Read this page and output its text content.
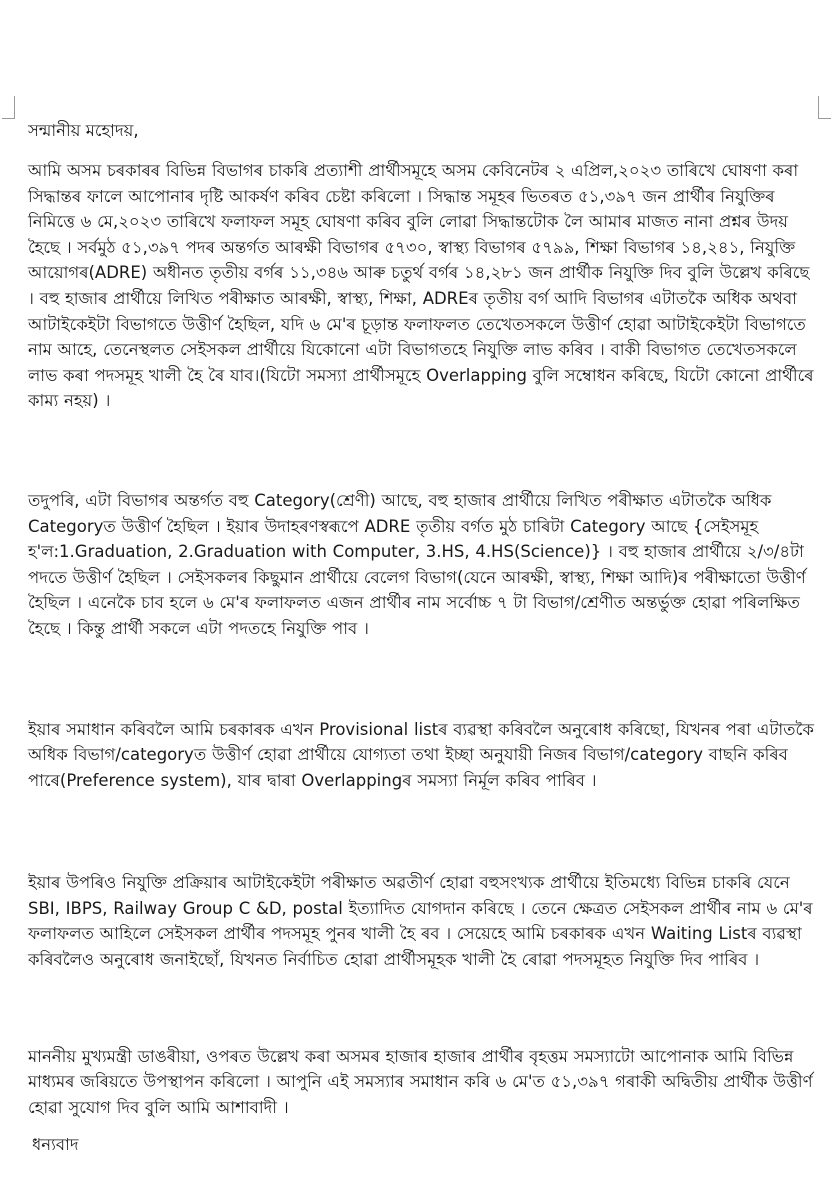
সন্মানীয় মহোদয়,

আমি অসম চৰকাৰৰ বিভিন্ন বিভাগৰ চাকৰি প্ৰত্যাশী প্ৰাৰ্থীসমূহে অসম কেবিনেটৰ ২ এপ্ৰিল,২০২৩ তাৰিখে ঘোষণা কৰা সিদ্ধান্তৰ ফালে আপোনাৰ দৃষ্টি আকৰ্ষণ কৰিব চেষ্টা কৰিলো । সিদ্ধান্ত সমূহৰ ভিতৰত ৫১,৩৯৭ জন প্ৰাৰ্থীৰ নিযুক্তিৰ নিমিত্তে ৬ মে,২০২৩ তাৰিখে ফলাফল সমূহ ঘোষণা কৰিব বুলি লোৱা সিদ্ধান্তটোক লৈ আমাৰ মাজত নানা প্ৰশ্নৰ উদয় হৈছে । সৰ্বমুঠ ৫১,৩৯৭ পদৰ অন্তৰ্গত আৰক্ষী বিভাগৰ ৫৭৩০, স্বাস্থ্য বিভাগৰ ৫৭৯৯, শিক্ষা বিভাগৰ ১৪,২৪১, নিযুক্তি আয়োগৰ(ADRE) অধীনত তৃতীয় বৰ্গৰ ১১,৩৪৬ আৰু চতুৰ্থ বৰ্গৰ ১৪,২৮১ জন প্ৰাৰ্থীক নিযুক্তি দিব বুলি উল্লেখ কৰিছে । বহু হাজাৰ প্ৰাৰ্থীয়ে লিখিত পৰীক্ষাত আৰক্ষী, স্বাস্থ্য, শিক্ষা, ADREৰ তৃতীয় বৰ্গ আদি বিভাগৰ এটাতকৈ অধিক অথবা আটাইকেইটা বিভাগতে উত্তীৰ্ণ হৈছিল, যদি ৬ মে'ৰ চূড়ান্ত ফলাফলত তেখেতসকলে উত্তীৰ্ণ হোৱা আটাইকেইটা বিভাগতে নাম আহে, তেনেস্থলত সেইসকল প্ৰাৰ্থীয়ে যিকোনো এটা বিভাগতহে নিযুক্তি লাভ কৰিব । বাকী বিভাগত তেখেতসকলে লাভ কৰা পদসমূহ খালী হৈ ৰৈ যাব।(যিটো সমস্যা প্ৰাৰ্থীসমূহে Overlapping বুলি সম্বোধন কৰিছে, যিটো কোনো প্ৰাৰ্থীৰে কাম্য নহয়) ।

তদুপৰি, এটা বিভাগৰ অন্তৰ্গত বহু Category(শ্ৰেণী) আছে, বহু হাজাৰ প্ৰাৰ্থীয়ে লিখিত পৰীক্ষাত এটাতকৈ অধিক Categoryত উত্তীৰ্ণ হৈছিল । ইয়াৰ উদাহৰণস্বৰূপে ADRE তৃতীয় বৰ্গত মুঠ চাৰিটা Category আছে {সেইসমূহ হ'ল:1.Graduation, 2.Graduation with Computer, 3.HS, 4.HS(Science)} । বহু হাজাৰ প্ৰাৰ্থীয়ে ২/৩/৪টা পদতে উত্তীৰ্ণ হৈছিল । সেইসকলৰ কিছুমান প্ৰাৰ্থীয়ে বেলেগ বিভাগ(যেনে আৰক্ষী, স্বাস্থ্য, শিক্ষা আদি)ৰ পৰীক্ষাতো উত্তীৰ্ণ হৈছিল । এনেকৈ চাব হলে ৬ মে'ৰ ফলাফলত এজন প্ৰাৰ্থীৰ নাম সৰ্বোচ্চ ৭ টা বিভাগ/শ্ৰেণীত অন্তৰ্ভুক্ত হোৱা পৰিলক্ষিত হৈছে । কিন্তু প্ৰাৰ্থী সকলে এটা পদতহে নিযুক্তি পাব ।

ইয়াৰ সমাধান কৰিবলৈ আমি চৰকাৰক এখন Provisional listৰ ব্যৱস্থা কৰিবলৈ অনুৰোধ কৰিছো, যিখনৰ পৰা এটাতকৈ অধিক বিভাগ/categoryত উত্তীৰ্ণ হোৱা প্ৰাৰ্থীয়ে যোগ্যতা তথা ইচ্ছা অনুযায়ী নিজৰ বিভাগ/category বাছনি কৰিব পাৰে(Preference system), যাৰ দ্বাৰা Overlappingৰ সমস্যা নিৰ্মূল কৰিব পাৰিব ।

ইয়াৰ উপৰিও নিযুক্তি প্ৰক্ৰিয়াৰ আটাইকেইটা পৰীক্ষাত অৱতীৰ্ণ হোৱা বহুসংখ্যক প্ৰাৰ্থীয়ে ইতিমধ্যে বিভিন্ন চাকৰি যেনে SBI, IBPS, Railway Group C &D, postal ইত্যাদিত যোগদান কৰিছে । তেনে ক্ষেত্ৰত সেইসকল প্ৰাৰ্থীৰ নাম ৬ মে'ৰ ফলাফলত আহিলে সেইসকল প্ৰাৰ্থীৰ পদসমূহ পুনৰ খালী হৈ ৰব । সেয়েহে আমি চৰকাৰক এখন Waiting Listৰ ব্যৱস্থা কৰিবলৈও অনুৰোধ জনাইছোঁ, যিখনত নিৰ্বাচিত হোৱা প্ৰাৰ্থীসমূহক খালী হৈ ৰোৱা পদসমূহত নিযুক্তি দিব পাৰিব ।

মাননীয় মুখ্যমন্ত্ৰী ডাঙৰীয়া, ওপৰত উল্লেখ কৰা অসমৰ হাজাৰ হাজাৰ প্ৰাৰ্থীৰ বৃহত্তম সমস্যাটো আপোনাক আমি বিভিন্ন মাধ্যমৰ জৰিয়তে উপস্থাপন কৰিলো । আপুনি এই সমস্যাৰ সমাধান কৰি ৬ মে'ত ৫১,৩৯৭ গৰাকী অদ্বিতীয় প্ৰাৰ্থীক উত্তীৰ্ণ হোৱা সুযোগ দিব বুলি আমি আশাবাদী ।

ধন্যবাদ
